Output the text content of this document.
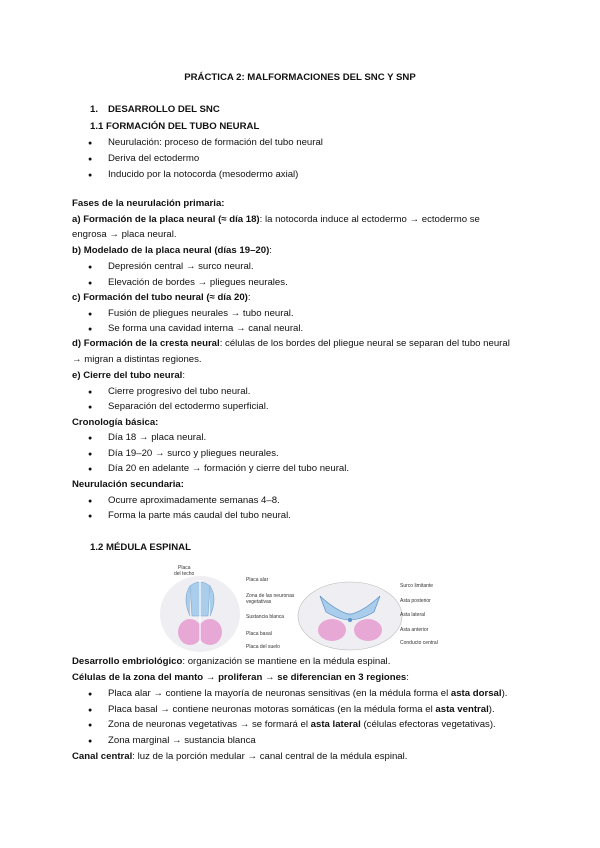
PRÁCTICA 2: MALFORMACIONES DEL SNC Y SNP
1. DESARROLLO DEL SNC
1.1 FORMACIÓN DEL TUBO NEURAL
● Neurulación: proceso de formación del tubo neural
● Deriva del ectodermo
● Inducido por la notocorda (mesodermo axial)
Fases de la neurulación primaria:
a) Formación de la placa neural (≈ día 18): la notocorda induce al ectodermo → ectodermo se
engrosa → placa neural.
b) Modelado de la placa neural (días 19–20):
● Depresión central → surco neural.
● Elevación de bordes → pliegues neurales.
c) Formación del tubo neural (≈ día 20):
● Fusión de pliegues neurales → tubo neural.
● Se forma una cavidad interna → canal neural.
d) Formación de la cresta neural: células de los bordes del pliegue neural se separan del tubo neural
→ migran a distintas regiones.
e) Cierre del tubo neural:
● Cierre progresivo del tubo neural.
● Separación del ectodermo superficial.
Cronología básica:
● Día 18 → placa neural.
● Día 19–20 → surco y pliegues neurales.
● Día 20 en adelante → formación y cierre del tubo neural.
Neurulación secundaria:
● Ocurre aproximadamente semanas 4–8.
● Forma la parte más caudal del tubo neural.
1.2 MÉDULA ESPINAL
Placa
del techo
Placa alar
Zona de las neuronas
vegetativas
Sustancia blanca
Placa basal
Placa del suelo
Surco limitante
Asta posterior
Asta lateral
Asta anterior
Conducto central
Desarrollo embriológico: organización se mantiene en la médula espinal.
Células de la zona del manto → proliferan → se diferencian en 3 regiones:
● Placa alar → contiene la mayoría de neuronas sensitivas (en la médula forma el asta dorsal).
● Placa basal → contiene neuronas motoras somáticas (en la médula forma el asta ventral).
● Zona de neuronas vegetativas → se formará el asta lateral (células efectoras vegetativas).
● Zona marginal → sustancia blanca
Canal central: luz de la porción medular → canal central de la médula espinal.
